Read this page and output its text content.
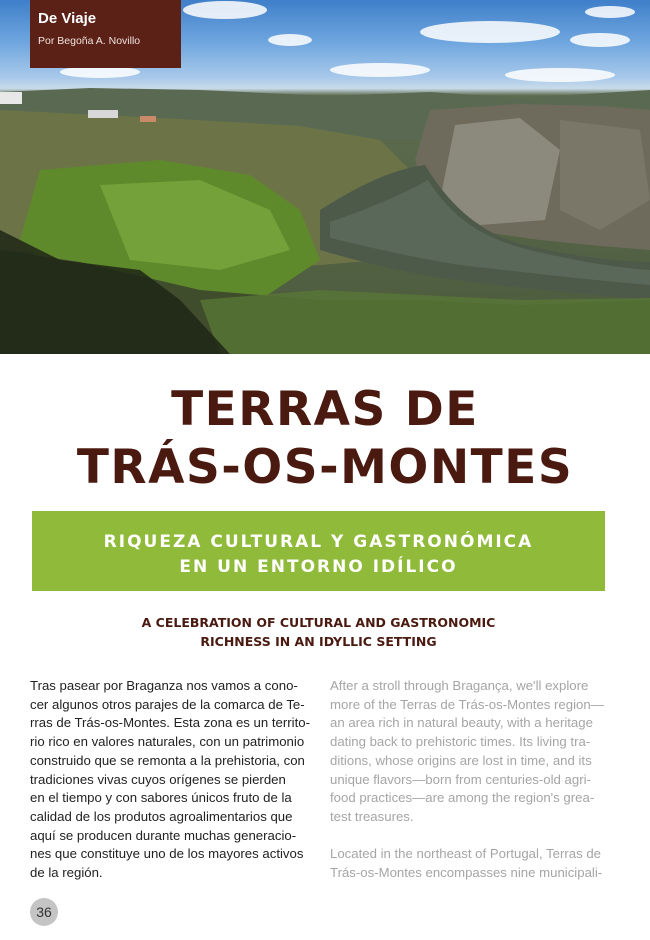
De Viaje
Por Begoña A. Novillo
TERRAS DE
TRÁS-OS-MONTES
RIQUEZA CULTURAL Y GASTRONÓMICA
EN UN ENTORNO IDÍLICO
A CELEBRATION OF CULTURAL AND GASTRONOMIC
RICHNESS IN AN IDYLLIC SETTING
Tras pasear por Braganza nos vamos a cono-
cer algunos otros parajes de la comarca de Te-
rras de Trás-os-Montes. Esta zona es un territo-
rio rico en valores naturales, con un patrimonio
construido que se remonta a la prehistoria, con
tradiciones vivas cuyos orígenes se pierden
en el tiempo y con sabores únicos fruto de la
calidad de los produtos agroalimentarios que
aquí se producen durante muchas generacio-
nes que constituye uno de los mayores activos
de la región.
After a stroll through Bragança, we'll explore
more of the Terras de Trás-os-Montes region—
an area rich in natural beauty, with a heritage
dating back to prehistoric times. Its living tra-
ditions, whose origins are lost in time, and its
unique flavors—born from centuries-old agri-
food practices—are among the region's grea-
test treasures.
Located in the northeast of Portugal, Terras de
Trás-os-Montes encompasses nine municipali-
36
